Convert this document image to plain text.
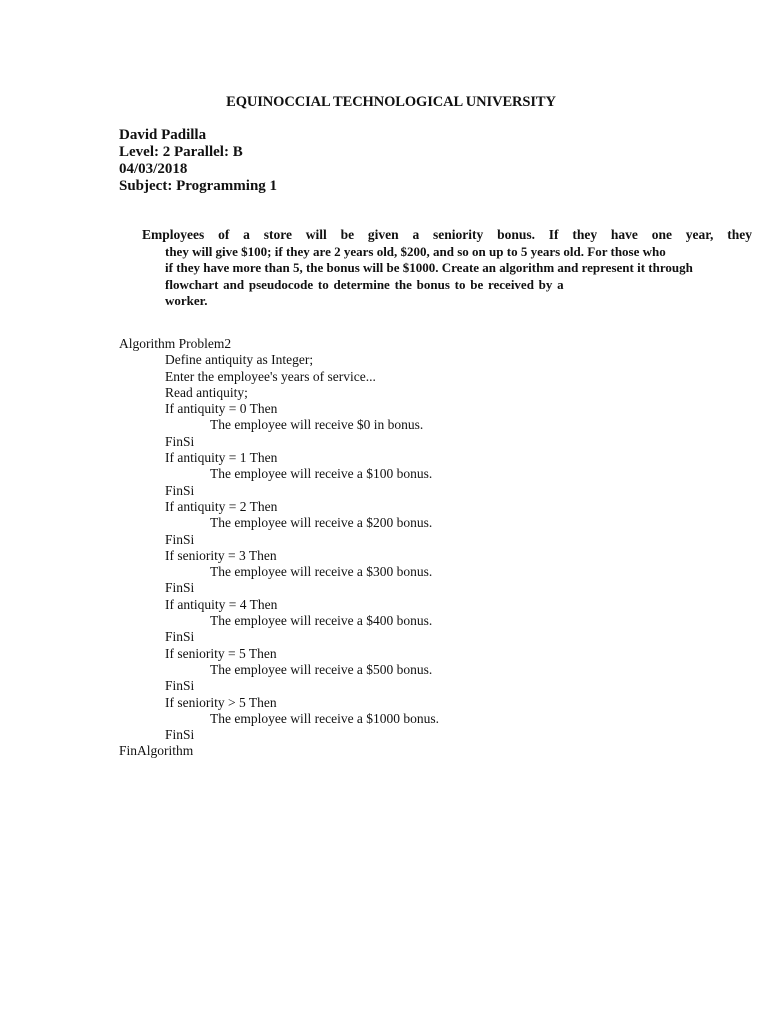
EQUINOCCIAL TECHNOLOGICAL UNIVERSITY
David Padilla
Level: 2 Parallel: B
04/03/2018
Subject: Programming 1
Employees of a store will be given a seniority bonus. If they have one year, they
they will give $100; if they are 2 years old, $200, and so on up to 5 years old. For those who
if they have more than 5, the bonus will be $1000. Create an algorithm and represent it through
flowchart and pseudocode to determine the bonus to be received by a
worker.
Algorithm Problem2
Define antiquity as Integer;
Enter the employee's years of service...
Read antiquity;
If antiquity = 0 Then
The employee will receive $0 in bonus.
FinSi
If antiquity = 1 Then
The employee will receive a $100 bonus.
FinSi
If antiquity = 2 Then
The employee will receive a $200 bonus.
FinSi
If seniority = 3 Then
The employee will receive a $300 bonus.
FinSi
If antiquity = 4 Then
The employee will receive a $400 bonus.
FinSi
If seniority = 5 Then
The employee will receive a $500 bonus.
FinSi
If seniority > 5 Then
The employee will receive a $1000 bonus.
FinSi
FinAlgorithm
